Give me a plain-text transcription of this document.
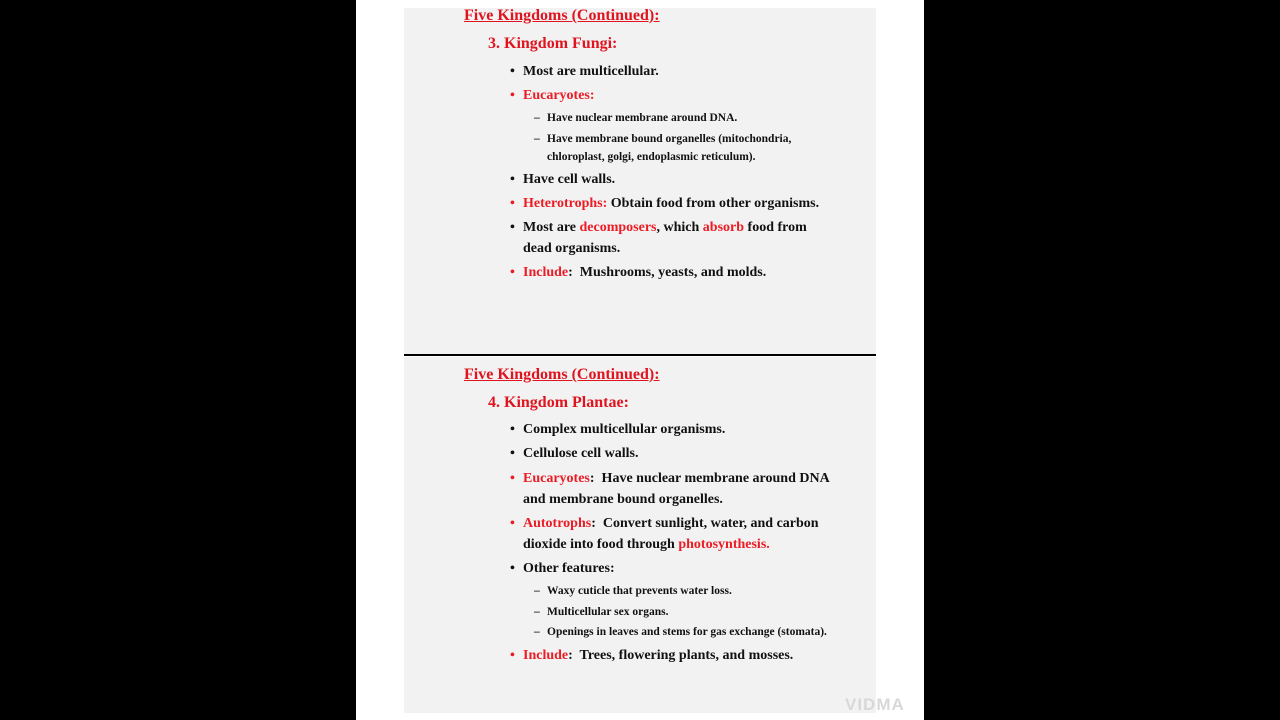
Five Kingdoms (Continued):
3. Kingdom Fungi:
• Most are multicellular.
• Eucaryotes:
– Have nuclear membrane around DNA.
– Have membrane bound organelles (mitochondria,
chloroplast, golgi, endoplasmic reticulum).
• Have cell walls.
• Heterotrophs: Obtain food from other organisms.
• Most are decomposers, which absorb food from
dead organisms.
• Include:  Mushrooms, yeasts, and molds.
Five Kingdoms (Continued):
4. Kingdom Plantae:
• Complex multicellular organisms.
• Cellulose cell walls.
• Eucaryotes:  Have nuclear membrane around DNA
and membrane bound organelles.
• Autotrophs:  Convert sunlight, water, and carbon
dioxide into food through photosynthesis.
• Other features:
– Waxy cuticle that prevents water loss.
– Multicellular sex organs.
– Openings in leaves and stems for gas exchange (stomata).
• Include:  Trees, flowering plants, and mosses.
VIDMA
